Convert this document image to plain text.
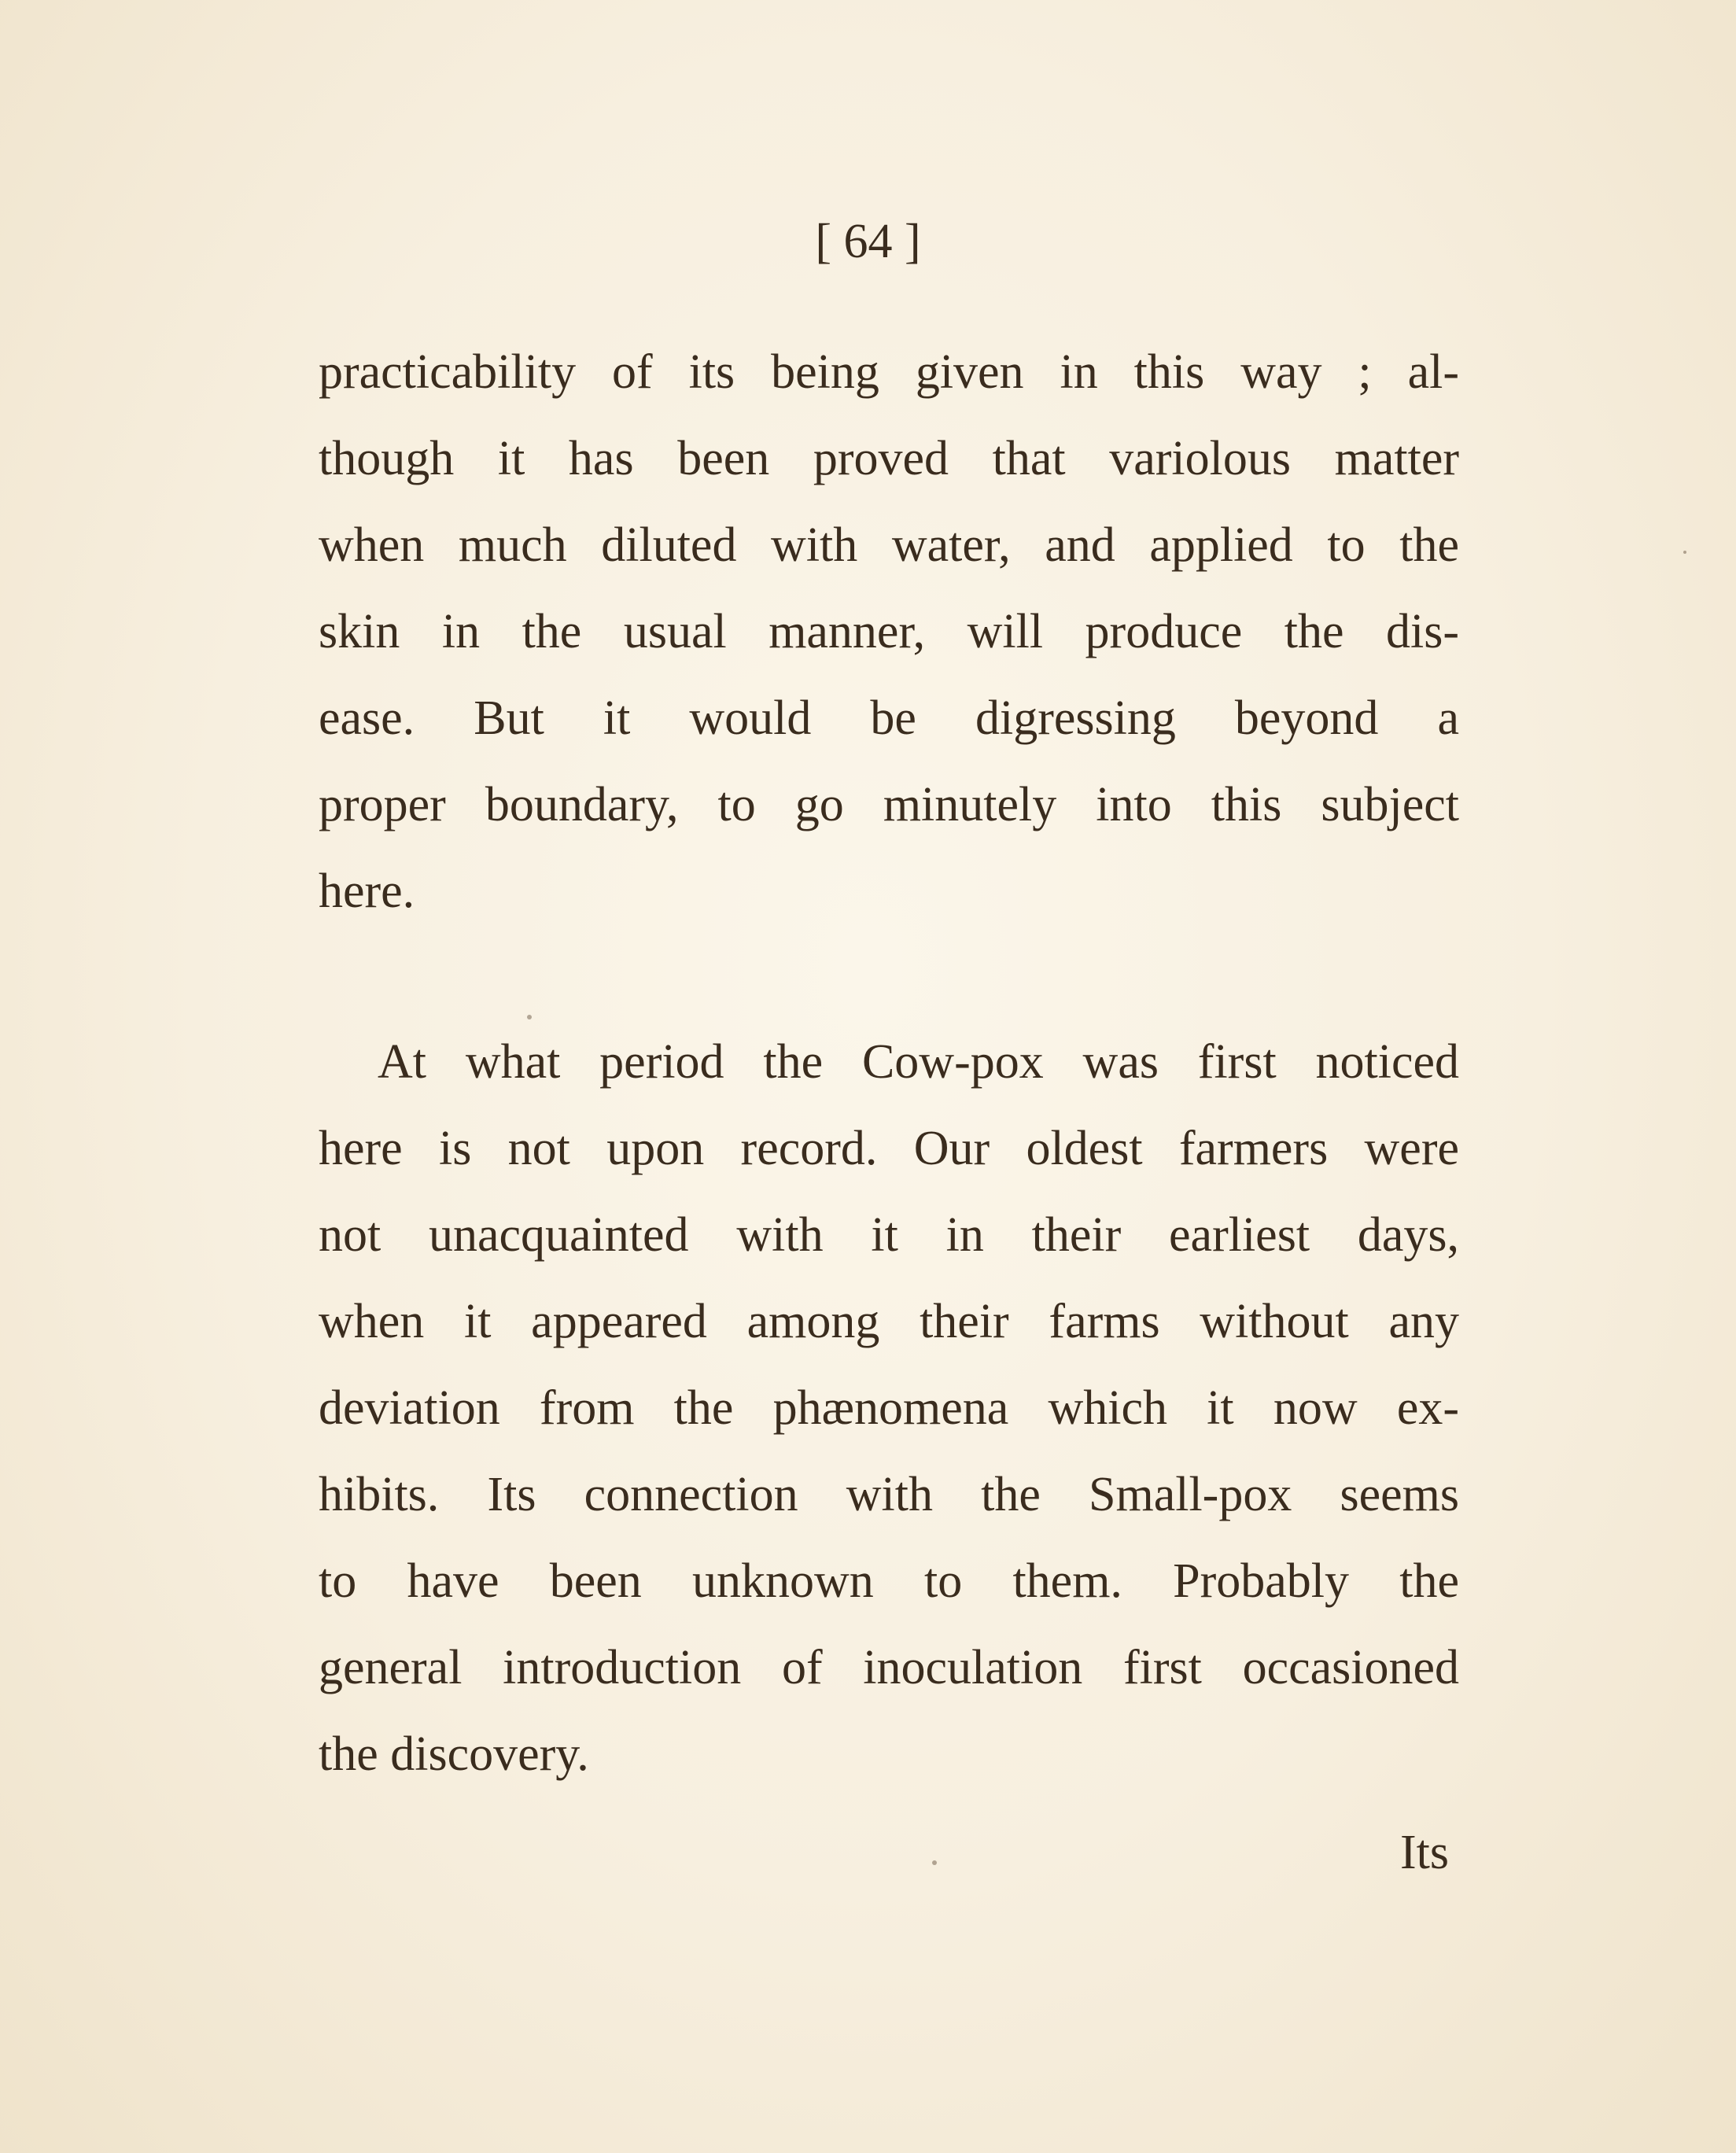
[ 64 ]
practicability of its being given in this way ; al-
though it has been proved that variolous matter
when much diluted with water, and applied to the
skin in the usual manner, will produce the dis-
ease. But it would be digressing beyond a
proper boundary, to go minutely into this subject
here.
At what period the Cow-pox was first noticed
here is not upon record. Our oldest farmers were
not unacquainted with it in their earliest days,
when it appeared among their farms without any
deviation from the phænomena which it now ex-
hibits. Its connection with the Small-pox seems
to have been unknown to them. Probably the
general introduction of inoculation first occasioned
the discovery.
Its
